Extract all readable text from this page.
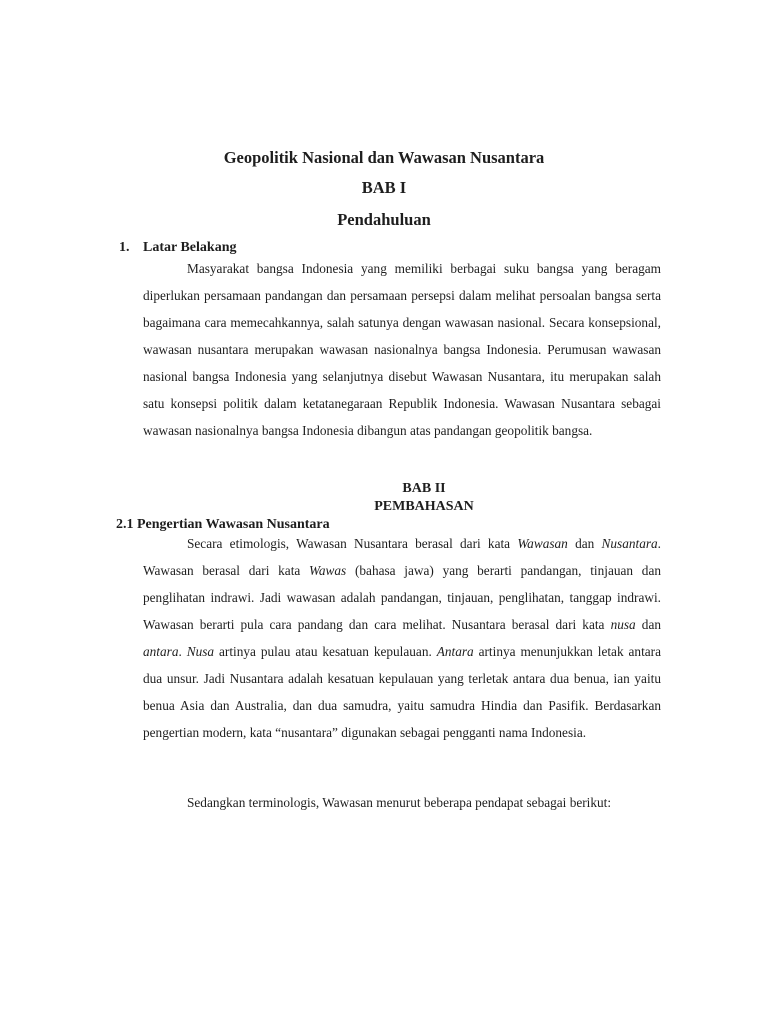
Geopolitik Nasional dan Wawasan Nusantara
BAB I
Pendahuluan
1. Latar Belakang

Masyarakat bangsa Indonesia yang memiliki berbagai suku bangsa yang beragam diperlukan persamaan pandangan dan persamaan persepsi dalam melihat persoalan bangsa serta bagaimana cara memecahkannya, salah satunya dengan wawasan nasional. Secara konsepsional, wawasan nusantara merupakan wawasan nasionalnya bangsa Indonesia. Perumusan wawasan nasional bangsa Indonesia yang selanjutnya disebut Wawasan Nusantara, itu merupakan salah satu konsepsi politik dalam ketatanegaraan Republik Indonesia. Wawasan Nusantara sebagai wawasan nasionalnya bangsa Indonesia dibangun atas pandangan geopolitik bangsa.

BAB II
PEMBAHASAN
2.1 Pengertian Wawasan Nusantara

Secara etimologis, Wawasan Nusantara berasal dari kata Wawasan dan Nusantara. Wawasan berasal dari kata Wawas (bahasa jawa) yang berarti pandangan, tinjauan dan penglihatan indrawi. Jadi wawasan adalah pandangan, tinjauan, penglihatan, tanggap indrawi. Wawasan berarti pula cara pandang dan cara melihat. Nusantara berasal dari kata nusa dan antara. Nusa artinya pulau atau kesatuan kepulauan. Antara artinya menunjukkan letak antara dua unsur. Jadi Nusantara adalah kesatuan kepulauan yang terletak antara dua benua, ian yaitu benua Asia dan Australia, dan dua samudra, yaitu samudra Hindia dan Pasifik. Berdasarkan pengertian modern, kata “nusantara” digunakan sebagai pengganti nama Indonesia.

Sedangkan terminologis, Wawasan menurut beberapa pendapat sebagai berikut:
